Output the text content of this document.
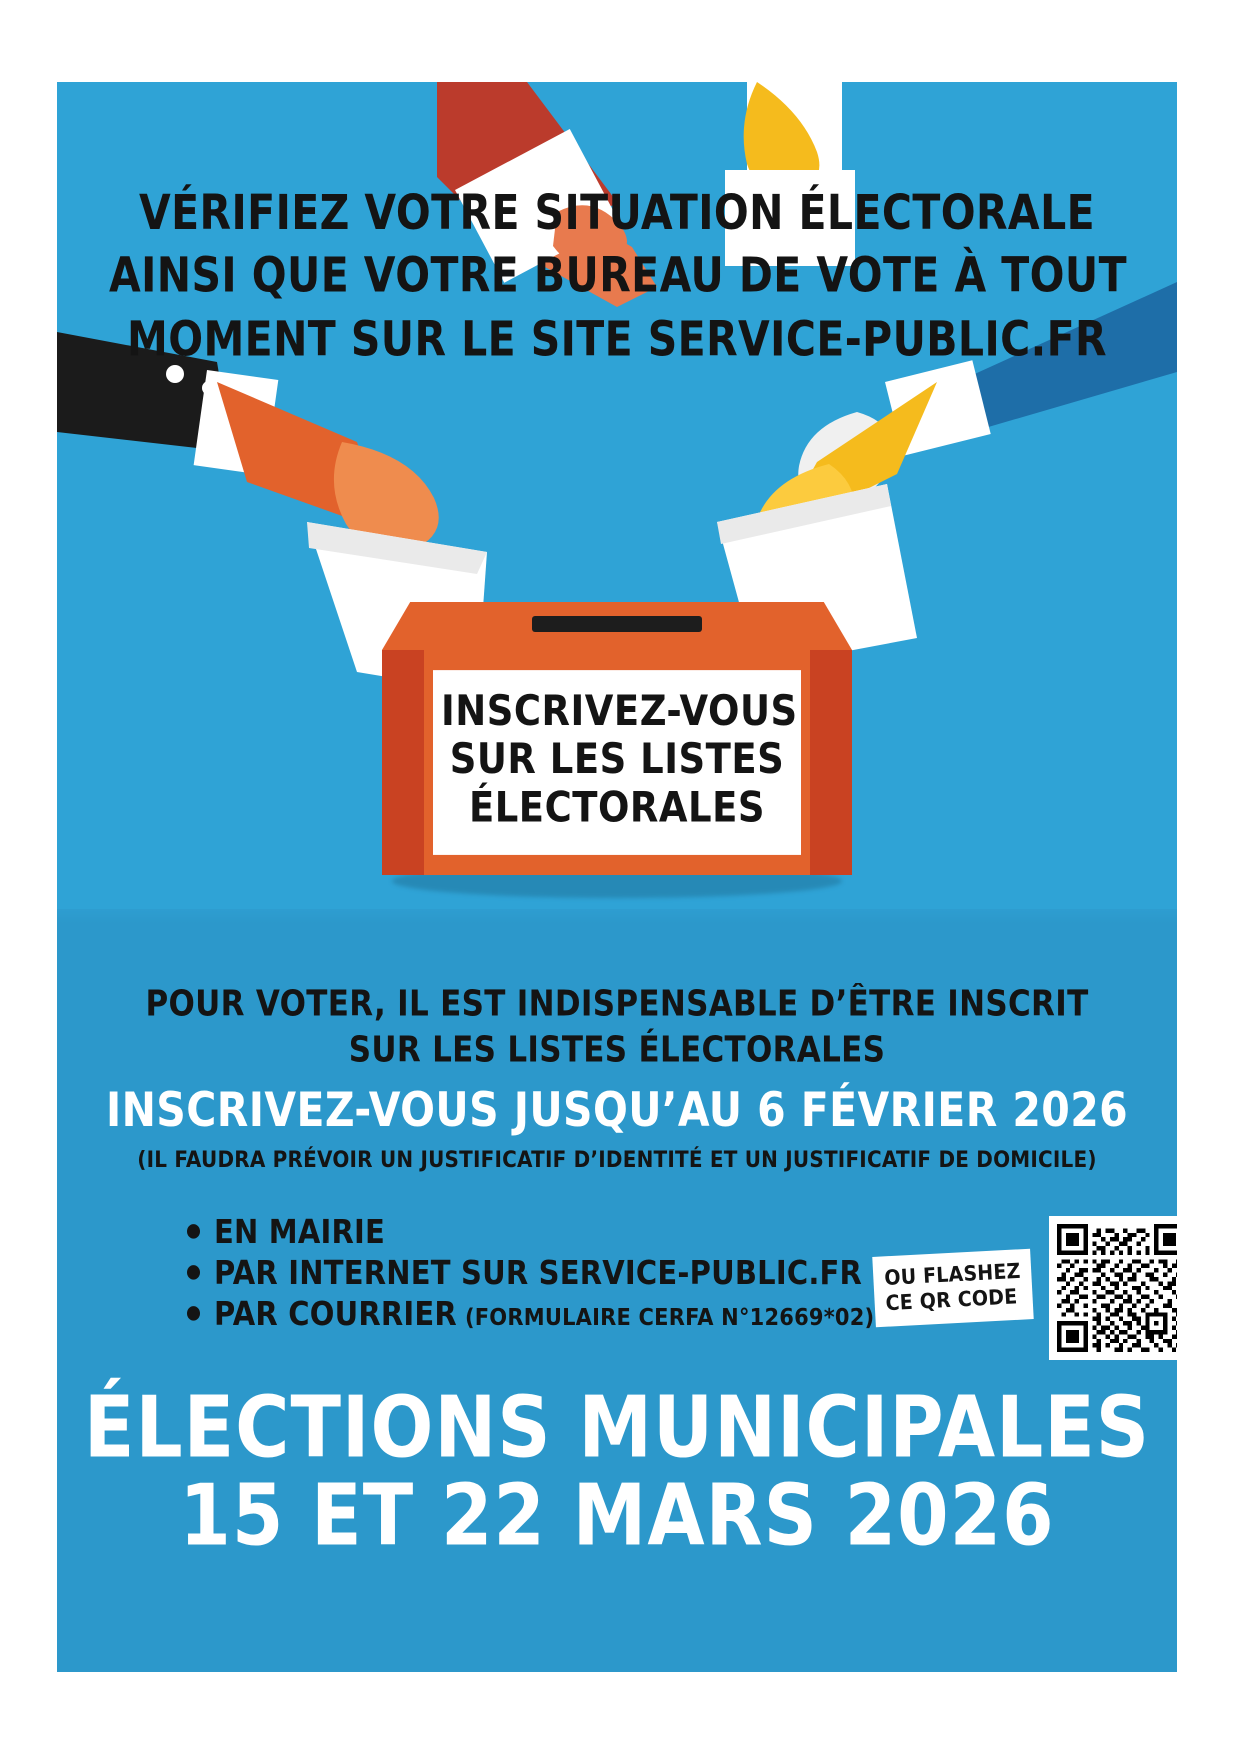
VÉRIFIEZ VOTRE SITUATION ÉLECTORALE
AINSI QUE VOTRE BUREAU DE VOTE À TOUT
MOMENT SUR LE SITE SERVICE-PUBLIC.FR
INSCRIVEZ-VOUS
SUR LES LISTES
ÉLECTORALES
POUR VOTER, IL EST INDISPENSABLE D’ÊTRE INSCRIT
SUR LES LISTES ÉLECTORALES
INSCRIVEZ-VOUS JUSQU’AU 6 FÉVRIER 2026
(IL FAUDRA PRÉVOIR UN JUSTIFICATIF D’IDENTITÉ ET UN JUSTIFICATIF DE DOMICILE)
EN MAIRIE
PAR INTERNET SUR SERVICE-PUBLIC.FR
PAR COURRIER (FORMULAIRE CERFA N°12669*02)
OU FLASHEZ
CE QR CODE
ÉLECTIONS MUNICIPALES
15 ET 22 MARS 2026
